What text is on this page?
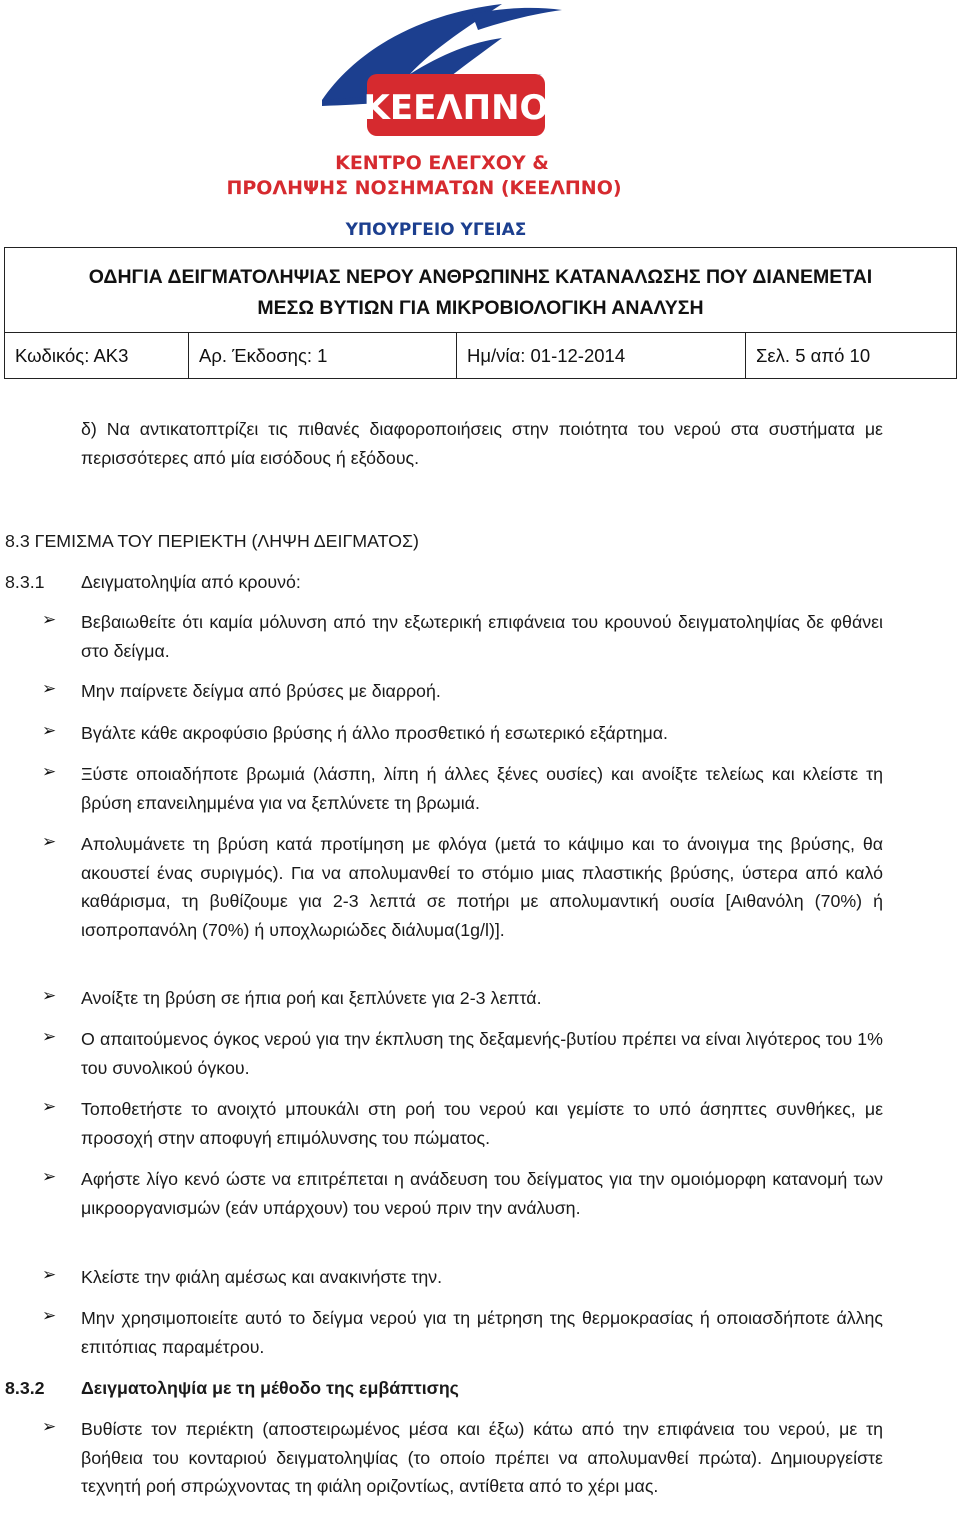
ΚΕΕΛΠΝΟ
ΚΕΝΤΡΟ ΕΛΕΓΧΟΥ &
ΠΡΟΛΗΨΗΣ ΝΟΣΗΜΑΤΩΝ (ΚΕΕΛΠΝΟ)
ΥΠΟΥΡΓΕΙΟ ΥΓΕΙΑΣ
ΟΔΗΓΙΑ ΔΕΙΓΜΑΤΟΛΗΨΙΑΣ ΝΕΡΟΥ ΑΝΘΡΩΠΙΝΗΣ ΚΑΤΑΝΑΛΩΣΗΣ ΠΟΥ ΔΙΑΝΕΜΕΤΑΙ
ΜΕΣΩ ΒΥΤΙΩΝ ΓΙΑ ΜΙΚΡΟΒΙΟΛΟΓΙΚΗ ΑΝΑΛΥΣΗ
Κωδικός: ΑΚ3	Αρ. Έκδοσης: 1	Ημ/νία: 01-12-2014	Σελ. 5 από 10
δ) Να αντικατοπτρίζει τις πιθανές διαφοροποιήσεις στην ποιότητα του νερού στα συστήματα με περισσότερες από μία εισόδους ή εξόδους.
8.3 ΓΕΜΙΣΜΑ ΤΟΥ ΠΕΡΙΕΚΤΗ (ΛΗΨΗ ΔΕΙΓΜΑΤΟΣ)
8.3.1 Δειγματοληψία από κρουνό:
➢ Βεβαιωθείτε ότι καμία μόλυνση από την εξωτερική επιφάνεια του κρουνού δειγματοληψίας δε φθάνει στο δείγμα.
➢ Μην παίρνετε δείγμα από βρύσες με διαρροή.
➢ Βγάλτε κάθε ακροφύσιο βρύσης ή άλλο προσθετικό ή εσωτερικό εξάρτημα.
➢ Ξύστε οποιαδήποτε βρωμιά (λάσπη, λίπη ή άλλες ξένες ουσίες) και ανοίξτε τελείως και κλείστε τη βρύση επανειλημμένα για να ξεπλύνετε τη βρωμιά.
➢ Απολυμάνετε τη βρύση κατά προτίμηση με φλόγα (μετά το κάψιμο και το άνοιγμα της βρύσης, θα ακουστεί ένας συριγμός). Για να απολυμανθεί το στόμιο μιας πλαστικής βρύσης, ύστερα από καλό καθάρισμα, τη βυθίζουμε για 2-3 λεπτά σε ποτήρι με απολυμαντική ουσία [Αιθανόλη (70%) ή ισοπροπανόλη (70%) ή υποχλωριώδες διάλυμα(1g/l)].
➢ Ανοίξτε τη βρύση σε ήπια ροή και ξεπλύνετε για 2-3 λεπτά.
➢ Ο απαιτούμενος όγκος νερού για την έκπλυση της δεξαμενής-βυτίου πρέπει να είναι λιγότερος του 1% του συνολικού όγκου.
➢ Τοποθετήστε το ανοιχτό μπουκάλι στη ροή του νερού και γεμίστε το υπό άσηπτες συνθήκες, με προσοχή στην αποφυγή επιμόλυνσης του πώματος.
➢ Αφήστε λίγο κενό ώστε να επιτρέπεται η ανάδευση του δείγματος για την ομοιόμορφη κατανομή των μικροοργανισμών (εάν υπάρχουν) του νερού πριν την ανάλυση.
➢ Κλείστε την φιάλη αμέσως και ανακινήστε την.
➢ Μην χρησιμοποιείτε αυτό το δείγμα νερού για τη μέτρηση της θερμοκρασίας ή οποιασδήποτε άλλης επιτόπιας παραμέτρου.
8.3.2 Δειγματοληψία με τη μέθοδο της εμβάπτισης
➢ Βυθίστε τον περιέκτη (αποστειρωμένος μέσα και έξω) κάτω από την επιφάνεια του νερού, με τη βοήθεια του κονταριού δειγματοληψίας (το οποίο πρέπει να απολυμανθεί πρώτα). Δημιουργείστε τεχνητή ροή σπρώχνοντας τη φιάλη οριζοντίως, αντίθετα από το χέρι μας.
